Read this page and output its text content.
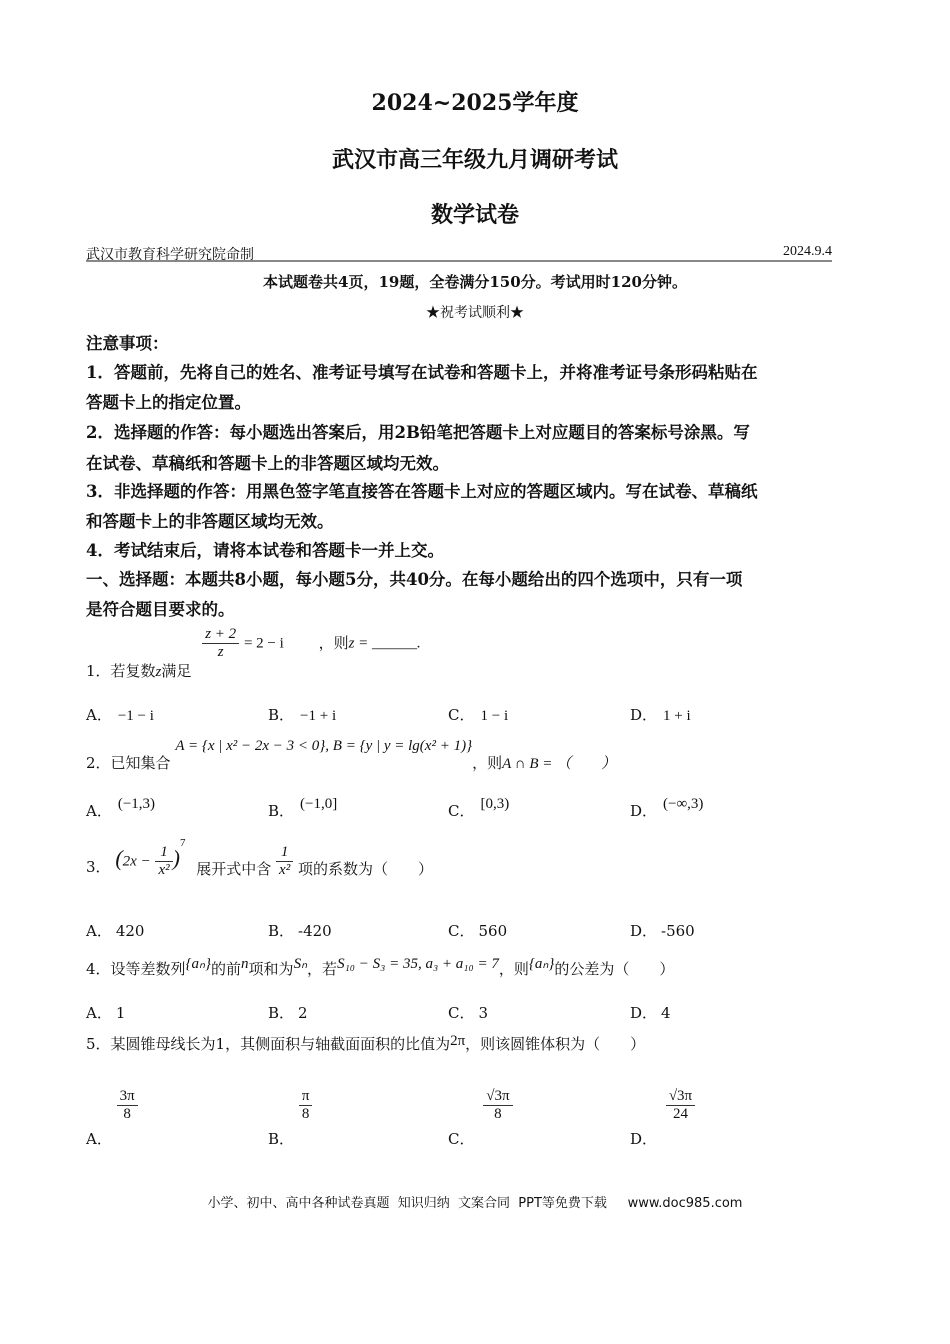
2024~2025学年度
武汉市高三年级九月调研考试
数学试卷
武汉市教育科学研究院命制	2024.9.4
本试题卷共4页，19题，全卷满分150分。考试用时120分钟。
★祝考试顺利★
注意事项：
1．答题前，先将自己的姓名、准考证号填写在试卷和答题卡上，并将准考证号条形码粘贴在
答题卡上的指定位置。
2．选择题的作答：每小题选出答案后，用2B铅笔把答题卡上对应题目的答案标号涂黑。写
在试卷、草稿纸和答题卡上的非答题区域均无效。
3．非选择题的作答：用黑色签字笔直接答在答题卡上对应的答题区域内。写在试卷、草稿纸
和答题卡上的非答题区域均无效。
4．考试结束后，请将本试卷和答题卡一并上交。
一、选择题：本题共8小题，每小题5分，共40分。在每小题给出的四个选项中，只有一项
是符合题目要求的。
1．若复数z满足
$\frac{z + 2}{z} = 2 - i$ ，则z = ______.
A． −1 − i	B． −1 + i	C． 1 − i	D． 1 + i
2．已知集合 A = {x | x² − 2x − 3 < 0}, B = {y | y = lg(x² + 1)}，则A ∩ B = （　　）
A． (−1,3)	B． (−1,0]	C． [0,3)	D． (−∞,3)
3． $(2x - \frac{1}{\text{x²}} )^7$ 展开式中含 $\frac{1}{\text{x²}}$ 项的系数为（　　）
A． 420	B． -420	C． 560	D． -560
4．设等差数列{aₙ}的前n项和为Sₙ，若S₁₀ − S₃ = 35, a₃ + a₁₀ = 7，则{aₙ}的公差为（　　）
A． 1	B． 2	C． 3	D． 4
5．某圆锥母线长为1，其侧面积与轴截面面积的比值为2π，则该圆锥体积为（　　）
A．
$\frac{3\pi}{8}$
B．
$\frac{\pi}{8}$
C．
$\frac{√3\pi}{8}$
D．
$\frac{√3\pi}{24}$
小学、初中、高中各种试卷真题  知识归纳  文案合同  PPT等免费下载     www.doc985.com
